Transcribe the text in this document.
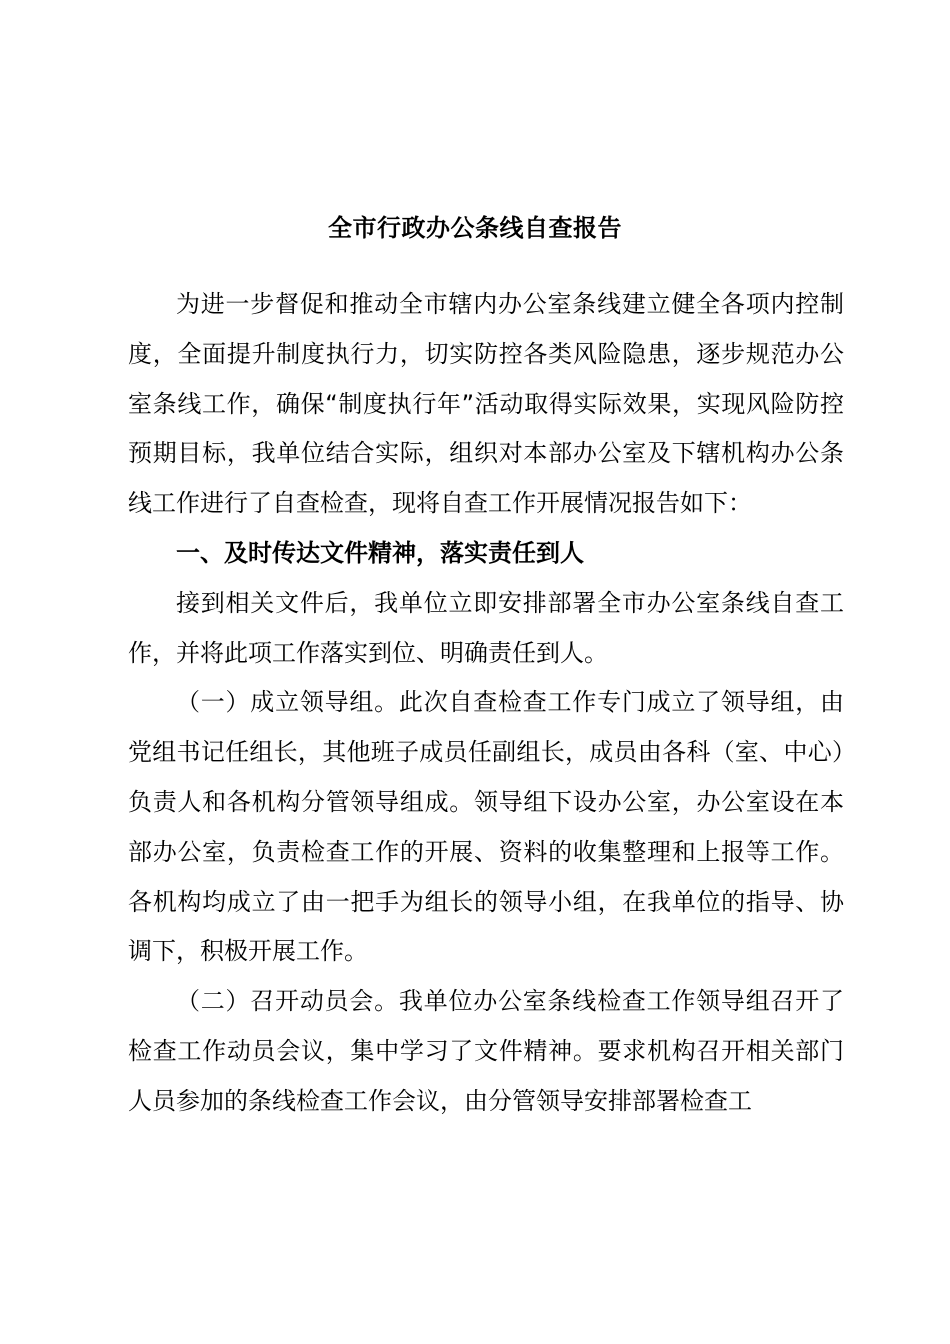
全市行政办公条线自查报告

为进一步督促和推动全市辖内办公室条线建立健全各项内控制度，全面提升制度执行力，切实防控各类风险隐患，逐步规范办公室条线工作，确保“制度执行年”活动取得实际效果，实现风险防控预期目标，我单位结合实际，组织对本部办公室及下辖机构办公条线工作进行了自查检查，现将自查工作开展情况报告如下：

一、及时传达文件精神，落实责任到人

接到相关文件后，我单位立即安排部署全市办公室条线自查工作，并将此项工作落实到位、明确责任到人。

（一）成立领导组。此次自查检查工作专门成立了领导组，由党组书记任组长，其他班子成员任副组长，成员由各科（室、中心）负责人和各机构分管领导组成。领导组下设办公室，办公室设在本部办公室，负责检查工作的开展、资料的收集整理和上报等工作。各机构均成立了由一把手为组长的领导小组，在我单位的指导、协调下，积极开展工作。

（二）召开动员会。我单位办公室条线检查工作领导组召开了检查工作动员会议，集中学习了文件精神。要求机构召开相关部门人员参加的条线检查工作会议，由分管领导安排部署检查工
